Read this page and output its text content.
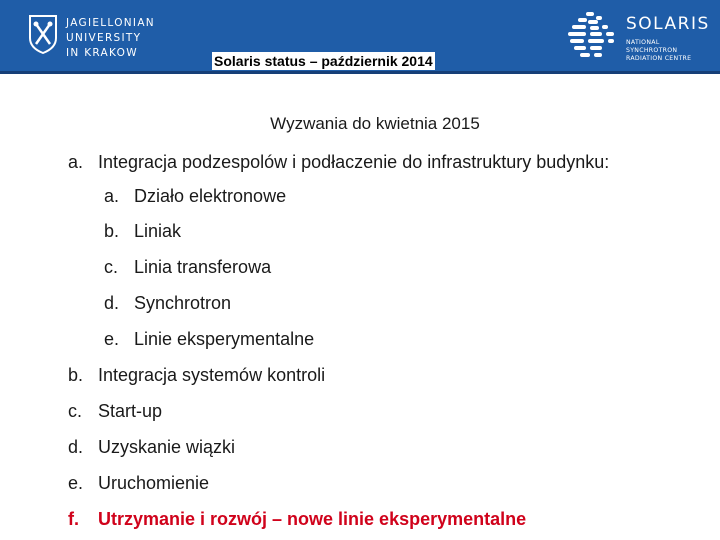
JAGIELLONIAN UNIVERSITY
IN KRAKOW
SOLARIS
NATIONAL SYNCHROTRON
RADIATION CENTRE
Solaris status – październik 2014
Wyzwania do kwietnia 2015
a. Integracja podzespolów i podłaczenie do infrastruktury budynku:
a. Działo elektronowe
b. Liniak
c. Linia transferowa
d. Synchrotron
e. Linie eksperymentalne
b. Integracja systemów kontroli
c. Start-up
d. Uzyskanie wiązki
e. Uruchomienie
f. Utrzymanie i rozwój – nowe linie eksperymentalne
